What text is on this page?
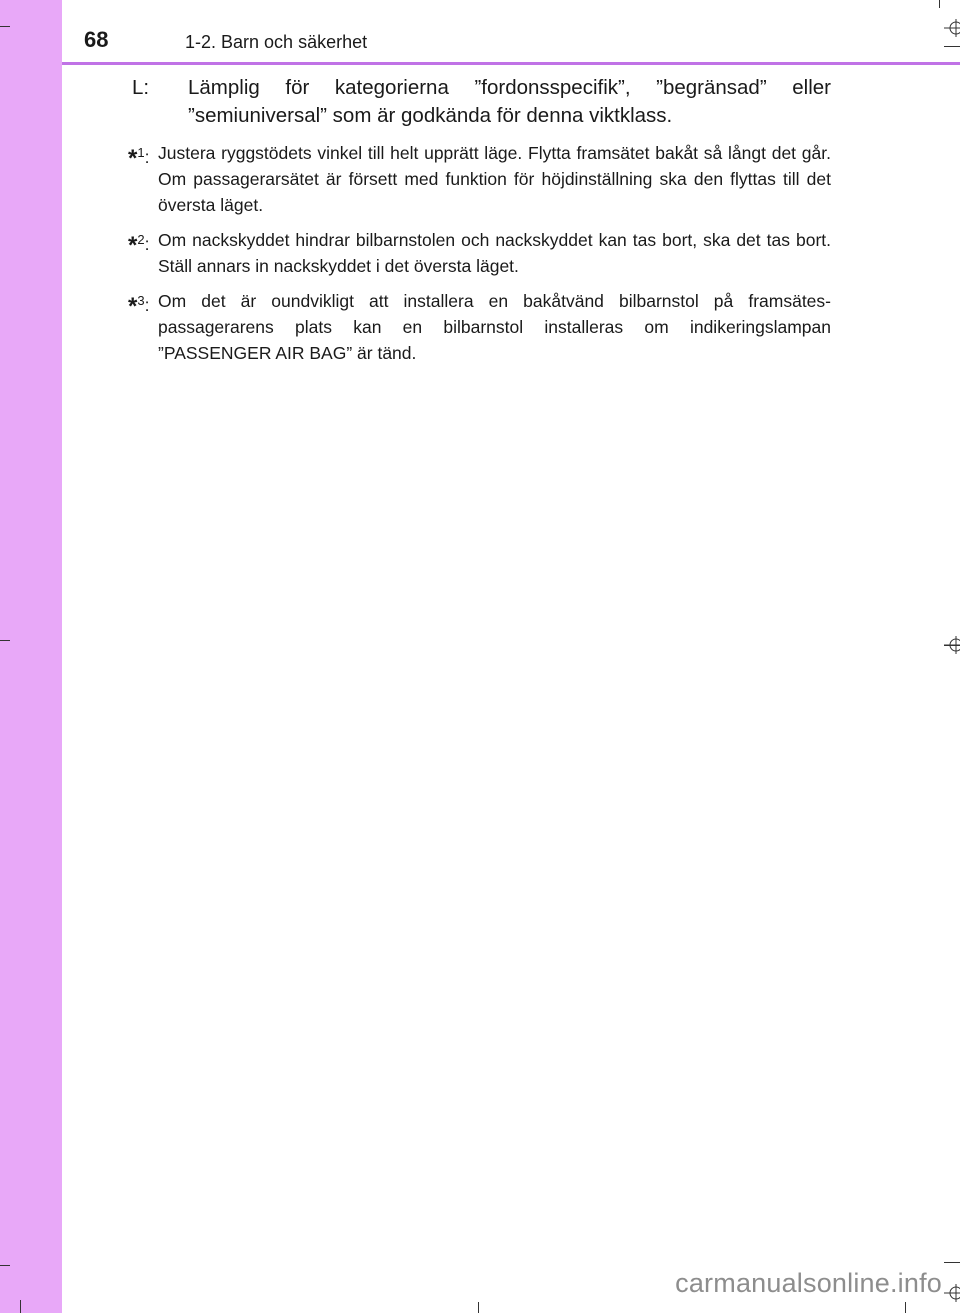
68	1-2. Barn och säkerhet
L:	Lämplig för kategorierna ”fordonsspecifik”, ”begränsad” eller ”semiuniversal” som är godkända för denna viktklass.
*$^1$: Justera ryggstödets vinkel till helt upprätt läge. Flytta framsätet bakåt så långt det går. Om passagerarsätet är försett med funktion för höjdinställning ska den flyttas till det översta läget.
*$^2$: Om nackskyddet hindrar bilbarnstolen och nackskyddet kan tas bort, ska det tas bort. Ställ annars in nackskyddet i det översta läget.
*$^3$: Om det är oundvikligt att installera en bakåtvänd bilbarnstol på framsätes-passagerarens plats kan en bilbarnstol installeras om indikeringslampan ”PASSENGER AIR BAG” är tänd.
carmanualsonline.info
